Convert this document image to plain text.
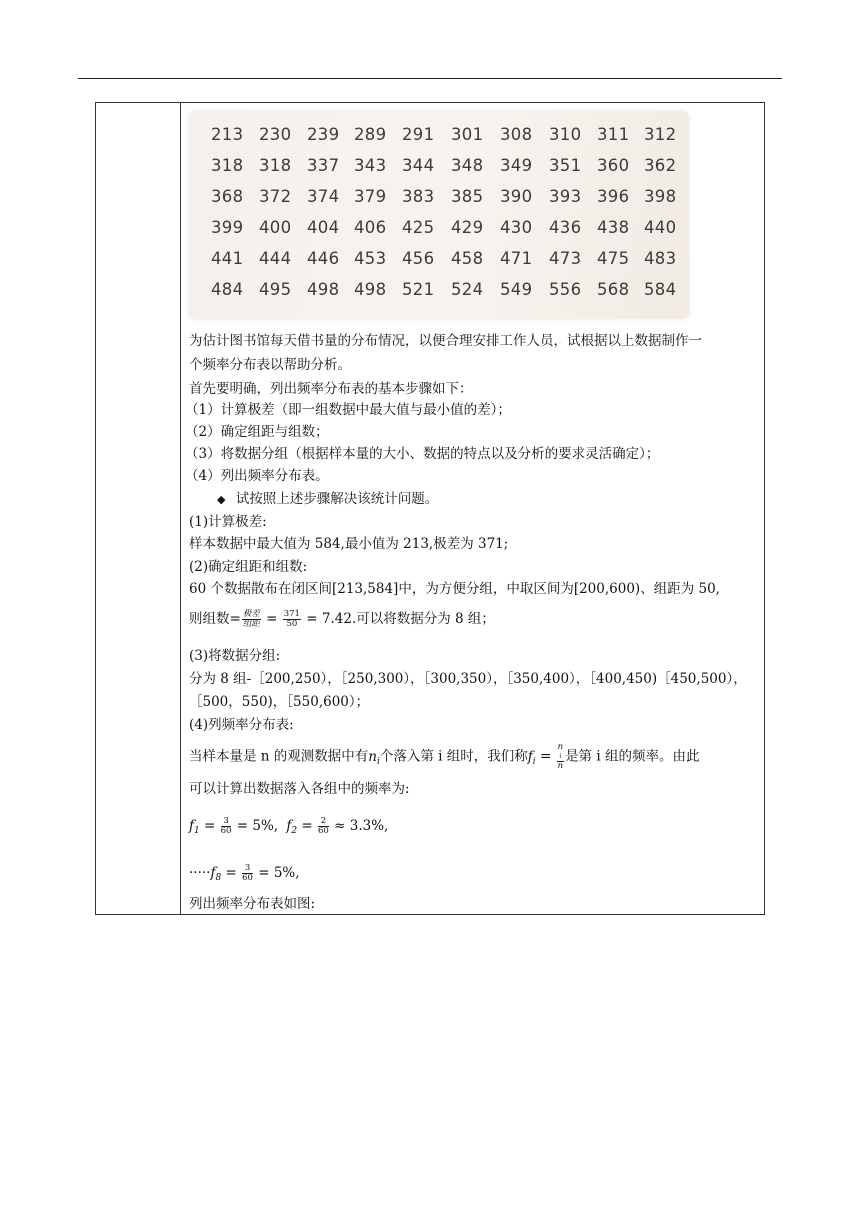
213 230 239 289 291 301 308 310 311 312
318 318 337 343 344 348 349 351 360 362
368 372 374 379 383 385 390 393 396 398
399 400 404 406 425 429 430 436 438 440
441 444 446 453 456 458 471 473 475 483
484 495 498 498 521 524 549 556 568 584
为估计图书馆每天借书量的分布情况，以便合理安排工作人员，试根据以上数据制作一
个频率分布表以帮助分析。
首先要明确，列出频率分布表的基本步骤如下：
（1）计算极差（即一组数据中最大值与最小值的差）；
（2）确定组距与组数；
（3）将数据分组（根据样本量的大小、数据的特点以及分析的要求灵活确定）；
（4）列出频率分布表。
◆ 试按照上述步骤解决该统计问题。
(1)计算极差:
样本数据中最大值为 584,最小值为 213,极差为 371;
(2)确定组距和组数:
60 个数据散布在闭区间[213,584]中，为方便分组，中取区间为[200,600)、组距为 50,
则组数= $\frac{\text{极差}}{\text{组距}} = \frac{371}{50} = 7.42$.可以将数据分为 8 组；
(3)将数据分组:
分为 8 组-［200,250），［250,300），［300,350），［350,400），［400,450)［450,500），
［500，550)，［550,600）；
(4)列频率分布表:
当样本量是 n 的观测数据中有$n_i$个落入第 i 组时，我们称$f_i = n$
i
n 是第 i 组的频率。由此
可以计算出数据落入各组中的频率为:
$f_1 = \frac{3}{60} = 5\%$, $f_2 = \frac{2}{60} \approx 3.3\%$,
$\cdot\cdot\cdot\cdot\cdot f_8 = \frac{3}{60} = 5\%$,
列出频率分布表如图:
